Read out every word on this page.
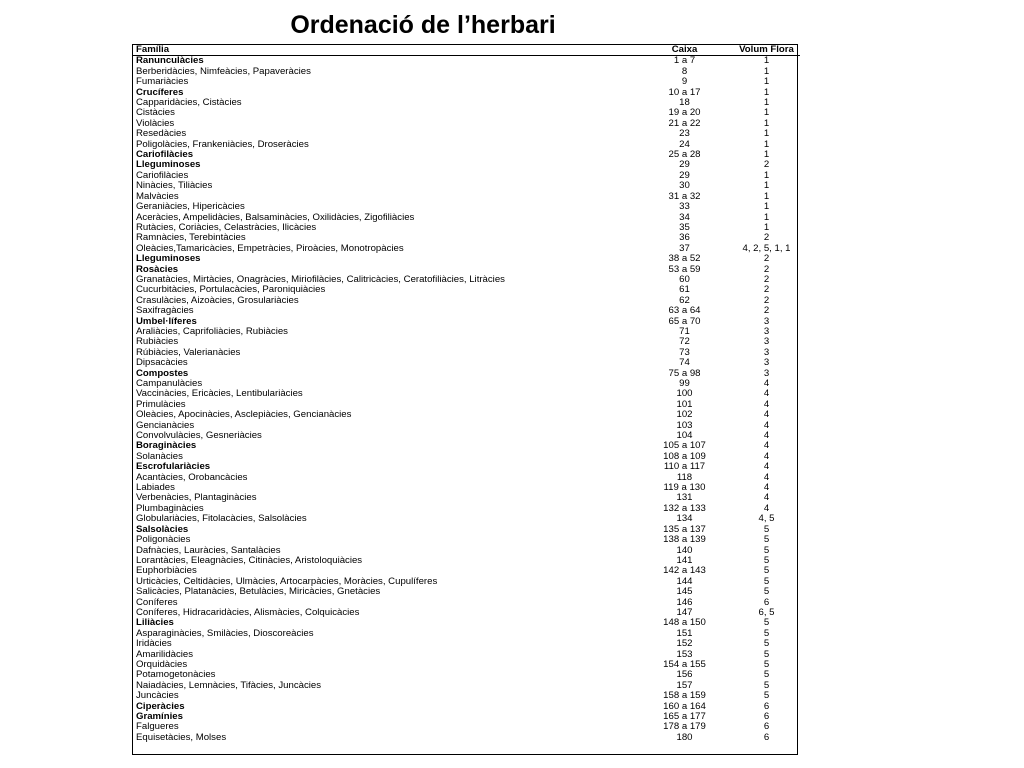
Ordenació de l’herbari
Família	Caixa	Volum Flora
Ranunculàcies	1 a 7	1
Berberidàcies, Nimfeàcies, Papaveràcies	8	1
Fumariàcies	9	1
Crucíferes	10 a 17	1
Capparidàcies, Cistàcies	18	1
Cistàcies	19 a 20	1
Violàcies	21 a 22	1
Resedàcies	23	1
Poligolàcies, Frankeniàcies, Droseràcies	24	1
Cariofilàcies	25 a 28	1
Lleguminoses	29	2
Cariofilàcies	29	1
Ninàcies, Tiliàcies	30	1
Malvàcies	31 a 32	1
Geraniàcies, Hipericàcies	33	1
Aceràcies, Ampelidàcies, Balsaminàcies, Oxilidàcies, Zigofiliàcies	34	1
Rutàcies, Coriàcies, Celastràcies, Ilicàcies	35	1
Ramnàcies, Terebintàcies	36	2
Oleàcies,Tamaricàcies, Empetràcies, Piroàcies, Monotropàcies	37	4, 2, 5, 1, 1
Lleguminoses	38 a 52	2
Rosàcies	53 a 59	2
Granatàcies, Mirtàcies, Onagràcies, Miriofilàcies, Calitricàcies, Ceratofiliàcies, Litràcies	60	2
Cucurbitàcies, Portulacàcies, Paroniquiàcies	61	2
Crasulàcies, Aizoàcies, Grosulariàcies	62	2
Saxifragàcies	63 a 64	2
Umbel·líferes	65 a 70	3
Araliàcies, Caprifoliàcies, Rubiàcies	71	3
Rubiàcies	72	3
Rúbiàcies, Valerianàcies	73	3
Dipsacàcies	74	3
Compostes	75 a 98	3
Campanulàcies	99	4
Vaccinàcies, Ericàcies, Lentibulariàcies	100	4
Primulàcies	101	4
Oleàcies, Apocinàcies, Asclepiàcies, Gencianàcies	102	4
Gencianàcies	103	4
Convolvulàcies, Gesneriàcies	104	4
Boraginàcies	105 a 107	4
Solanàcies	108 a 109	4
Escrofulariàcies	110 a 117	4
Acantàcies, Orobancàcies	118	4
Labiades	119 a 130	4
Verbenàcies, Plantaginàcies	131	4
Plumbaginàcies	132 a 133	4
Globulariàcies, Fitolacàcies, Salsolàcies	134	4, 5
Salsolàcies	135 a 137	5
Poligonàcies	138 a 139	5
Dafnàcies, Lauràcies, Santalàcies	140	5
Lorantàcies, Eleagnàcies, Citinàcies, Aristoloquiàcies	141	5
Euphorbiàcies	142 a 143	5
Urticàcies, Celtidàcies, Ulmàcies, Artocarpàcies, Moràcies, Cupulíferes	144	5
Salicàcies, Platanàcies, Betulàcies, Miricàcies, Gnetàcies	145	5
Coníferes	146	6
Coníferes, Hidracaridàcies, Alismàcies, Colquicàcies	147	6, 5
Liliàcies	148 a 150	5
Asparaginàcies, Smilàcies, Dioscoreàcies	151	5
Iridàcies	152	5
Amarilidàcies	153	5
Orquidàcies	154 a 155	5
Potamogetonàcies	156	5
Naiadàcies, Lemnàcies, Tifàcies, Juncàcies	157	5
Juncàcies	158 a 159	5
Ciperàcies	160 a 164	6
Gramínies	165 a 177	6
Falgueres	178 a 179	6
Equisetàcies, Molses	180	6
